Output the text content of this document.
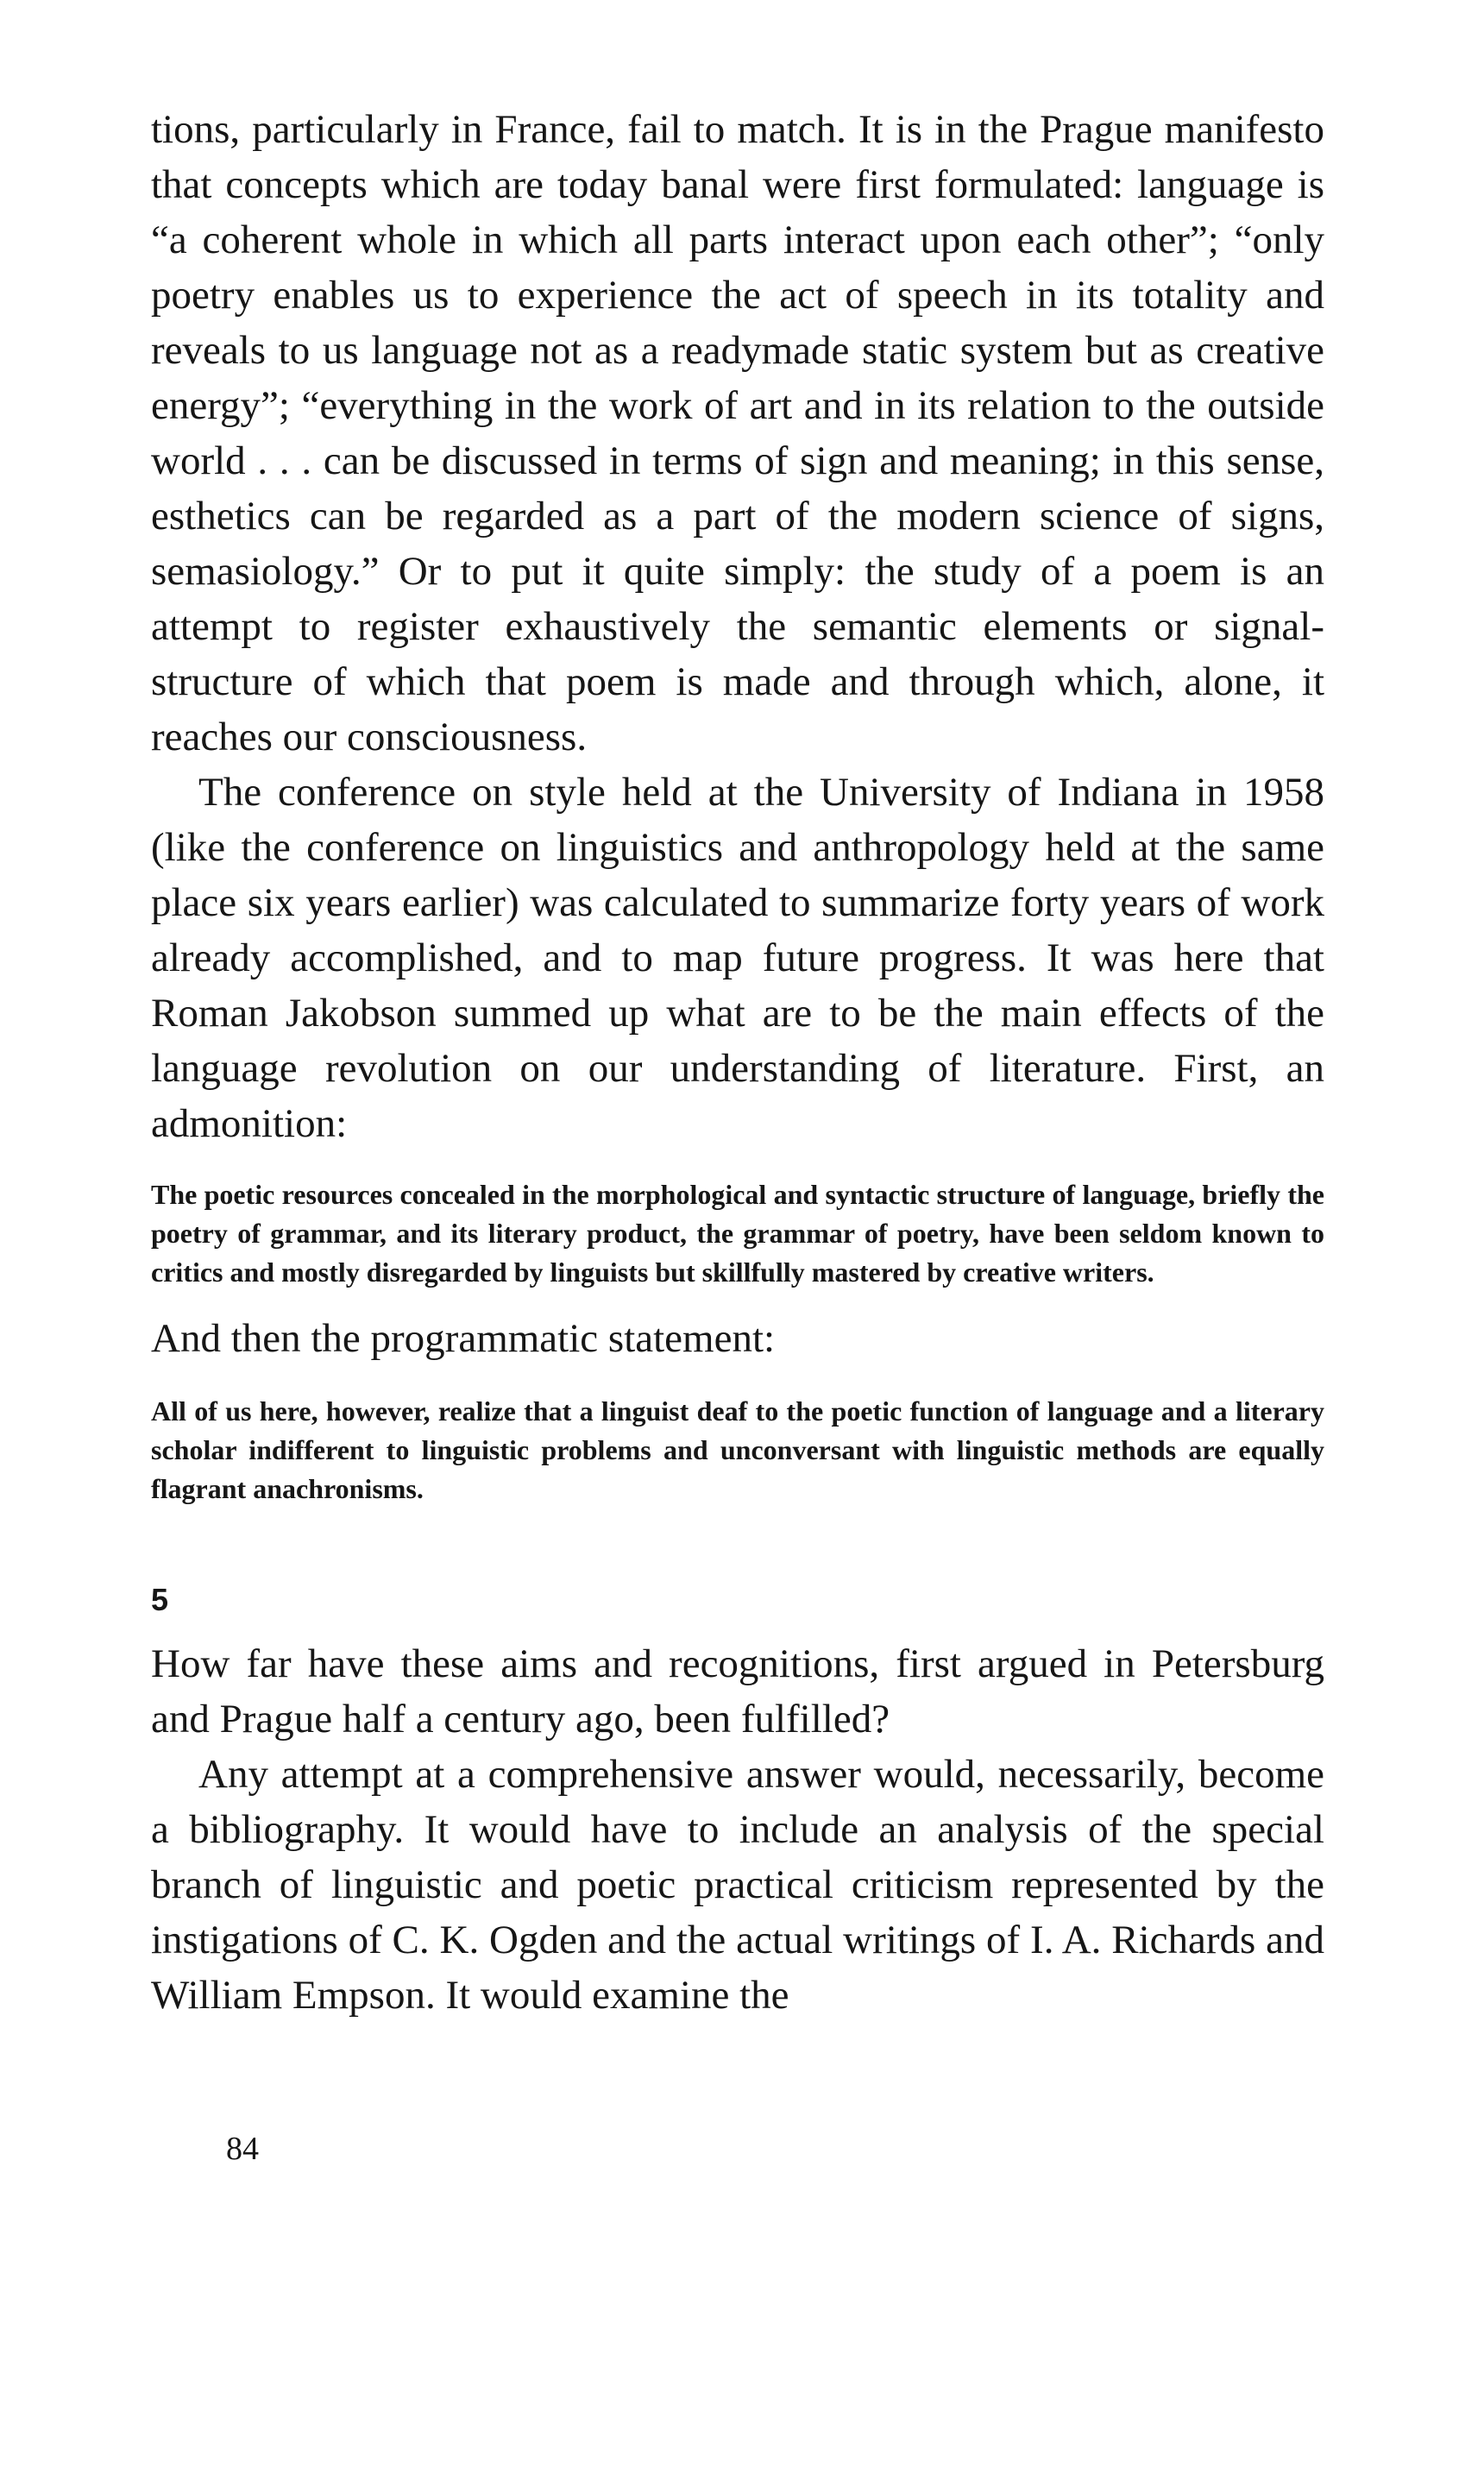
tions, particularly in France, fail to match. It is in the Prague manifesto that concepts which are today banal were first formulated: language is “a coherent whole in which all parts interact upon each other”; “only poetry enables us to experience the act of speech in its totality and reveals to us language not as a readymade static system but as creative energy”; “everything in the work of art and in its relation to the outside world . . . can be discussed in terms of sign and meaning; in this sense, esthetics can be regarded as a part of the modern science of signs, semasiology.” Or to put it quite simply: the study of a poem is an attempt to register exhaustively the semantic elements or signal-structure of which that poem is made and through which, alone, it reaches our consciousness.

The conference on style held at the University of Indiana in 1958 (like the conference on linguistics and anthropology held at the same place six years earlier) was calculated to summarize forty years of work already accomplished, and to map future progress. It was here that Roman Jakobson summed up what are to be the main effects of the language revolution on our understanding of literature. First, an admonition:

The poetic resources concealed in the morphological and syntactic structure of language, briefly the poetry of grammar, and its literary product, the grammar of poetry, have been seldom known to critics and mostly disregarded by linguists but skillfully mastered by creative writers.

And then the programmatic statement:

All of us here, however, realize that a linguist deaf to the poetic function of language and a literary scholar indifferent to linguistic problems and unconversant with linguistic methods are equally flagrant anachronisms.

5

How far have these aims and recognitions, first argued in Petersburg and Prague half a century ago, been fulfilled?

Any attempt at a comprehensive answer would, necessarily, become a bibliography. It would have to include an analysis of the special branch of linguistic and poetic practical criticism represented by the instigations of C. K. Ogden and the actual writings of I. A. Richards and William Empson. It would examine the

84
